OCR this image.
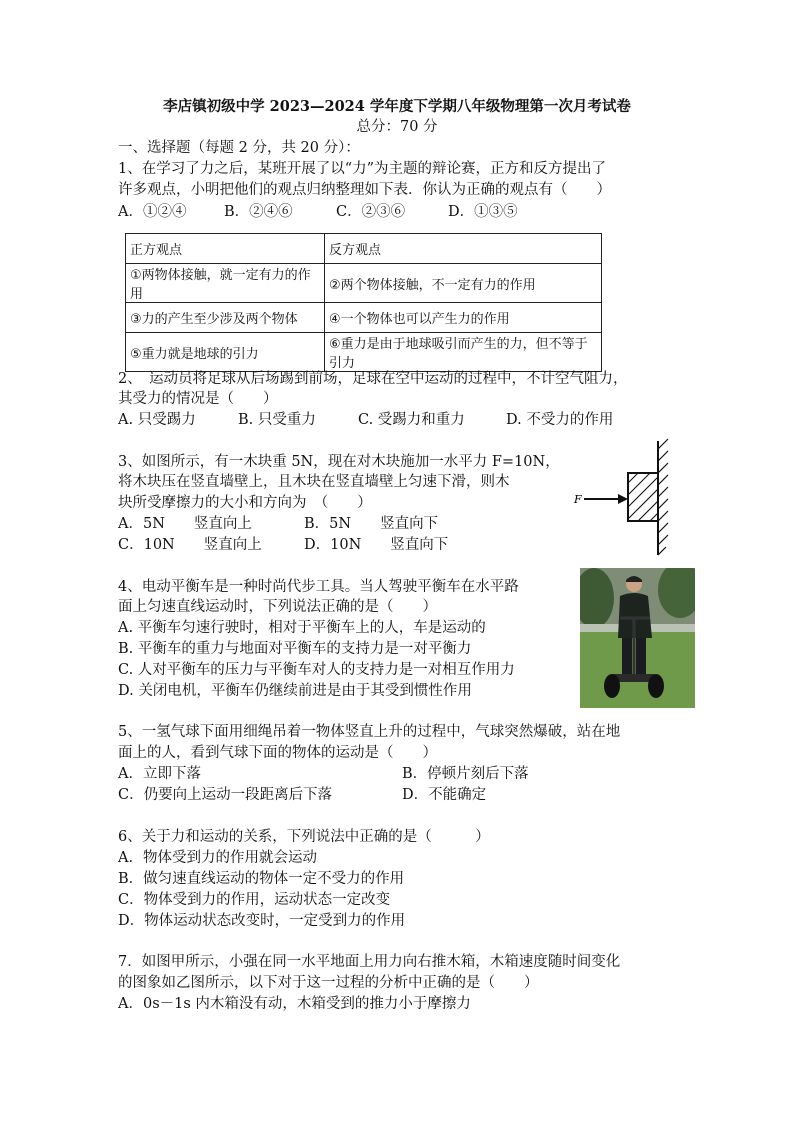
李店镇初级中学 2023—2024 学年度下学期八年级物理第一次月考试卷
总分：70 分
一、选择题（每题 2 分，共 20 分）：
1、在学习了力之后，某班开展了以“力”为主题的辩论赛，正方和反方提出了
许多观点，小明把他们的观点归纳整理如下表．你认为正确的观点有（　　）
A．①②④	B．②④⑥	C．②③⑥	D．①③⑤
正方观点	反方观点
①两物体接触，就一定有力的作用	②两个物体接触，不一定有力的作用
③力的产生至少涉及两个物体	④一个物体也可以产生力的作用
⑤重力就是地球的引力	⑥重力是由于地球吸引而产生的力，但不等于引力
2、　运动员将足球从后场踢到前场，足球在空中运动的过程中，不计空气阻力，
其受力的情况是（　　）
A. 只受踢力	B. 只受重力	C. 受踢力和重力	D. 不受力的作用
3、如图所示，有一木块重 5N，现在对木块施加一水平力 F=10N，
将木块压在竖直墙壁上，且木块在竖直墙壁上匀速下滑，则木
块所受摩擦力的大小和方向为　（　　）
A．5N　　竖直向上	B．5N　　竖直向下
C．10N　　竖直向上	D．10N　　竖直向下
F
4、电动平衡车是一种时尚代步工具。当人驾驶平衡车在水平路
面上匀速直线运动时，下列说法正确的是（　　）
A. 平衡车匀速行驶时，相对于平衡车上的人，车是运动的
B. 平衡车的重力与地面对平衡车的支持力是一对平衡力
C. 人对平衡车的压力与平衡车对人的支持力是一对相互作用力
D. 关闭电机，平衡车仍继续前进是由于其受到惯性作用
5、一氢气球下面用细绳吊着一物体竖直上升的过程中，气球突然爆破，站在地
面上的人，看到气球下面的物体的运动是（　　）
A．立即下落	B．停顿片刻后下落
C．仍要向上运动一段距离后下落	D．不能确定
6、关于力和运动的关系，下列说法中正确的是（　　　）
A．物体受到力的作用就会运动
B．做匀速直线运动的物体一定不受力的作用
C．物体受到力的作用，运动状态一定改变
D．物体运动状态改变时，一定受到力的作用
7．如图甲所示，小强在同一水平地面上用力向右推木箱，木箱速度随时间变化
的图象如乙图所示，以下对于这一过程的分析中正确的是（　　）
A．0s－1s 内木箱没有动，木箱受到的推力小于摩擦力
